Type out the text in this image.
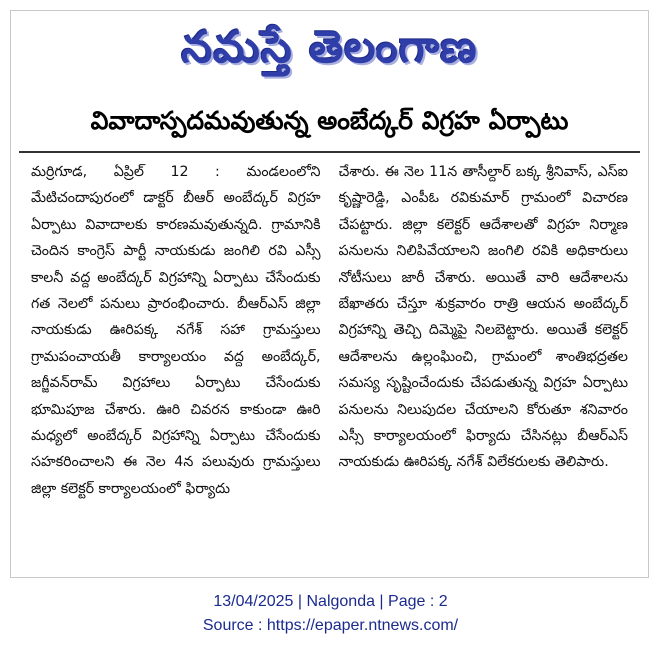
నమస్తే తెలంగాణ
వివాదాస్పదమవుతున్న అంబేద్కర్ విగ్రహ ఏర్పాటు

మర్రిగూడ, ఏప్రిల్ 12 : మండలంలోని మేటిచందాపురంలో డాక్టర్ బీఆర్ అంబేద్కర్ విగ్రహ ఏర్పాటు వివాదాలకు కారణమవుతున్నది. గ్రామానికి చెందిన కాంగ్రెస్ పార్టీ నాయకుడు జంగిలి రవి ఎస్సీ కాలనీ వద్ద అంబేద్కర్ విగ్రహాన్ని ఏర్పాటు చేసేందుకు గత నెలలో పనులు ప్రారంభించారు. బీఆర్ఎస్ జిల్లా నాయకుడు ఊరిపక్క నగేశ్ సహా గ్రామస్తులు గ్రామపంచాయతీ కార్యాలయం వద్ద అంబేద్కర్, జగ్జీవన్‌రామ్ విగ్రహాలు ఏర్పాటు చేసేందుకు భూమిపూజ చేశారు. ఊరి చివరన కాకుండా ఊరి మధ్యలో అంబేద్కర్ విగ్రహాన్ని ఏర్పాటు చేసేందుకు సహకరించాలని ఈ నెల 4న పలువురు గ్రామస్తులు జిల్లా కలెక్టర్ కార్యాలయంలో ఫిర్యాదు

చేశారు. ఈ నెల 11న తాసీల్దార్ బక్క శ్రీనివాస్, ఎస్ఐ కృష్ణారెడ్డి, ఎంపీఓ రవికుమార్ గ్రామంలో విచారణ చేపట్టారు. జిల్లా కలెక్టర్ ఆదేశాలతో విగ్రహ నిర్మాణ పనులను నిలిపివేయాలని జంగిలి రవికి అధికారులు నోటీసులు జారీ చేశారు. అయితే వారి ఆదేశాలను బేఖాతరు చేస్తూ శుక్రవారం రాత్రి ఆయన అంబేద్కర్ విగ్రహాన్ని తెచ్చి దిమ్మెపై నిలబెట్టారు. అయితే కలెక్టర్ ఆదేశాలను ఉల్లంఘించి, గ్రామంలో శాంతిభద్రతల సమస్య సృష్టించేందుకు చేపడుతున్న విగ్రహ ఏర్పాటు పనులను నిలుపుదల చేయాలని కోరుతూ శనివారం ఎస్సీ కార్యాలయంలో ఫిర్యాదు చేసినట్లు బీఆర్ఎస్ నాయకుడు ఊరిపక్క నగేశ్ విలేకరులకు తెలిపారు.

13/04/2025 | Nalgonda | Page : 2
Source : https://epaper.ntnews.com/
